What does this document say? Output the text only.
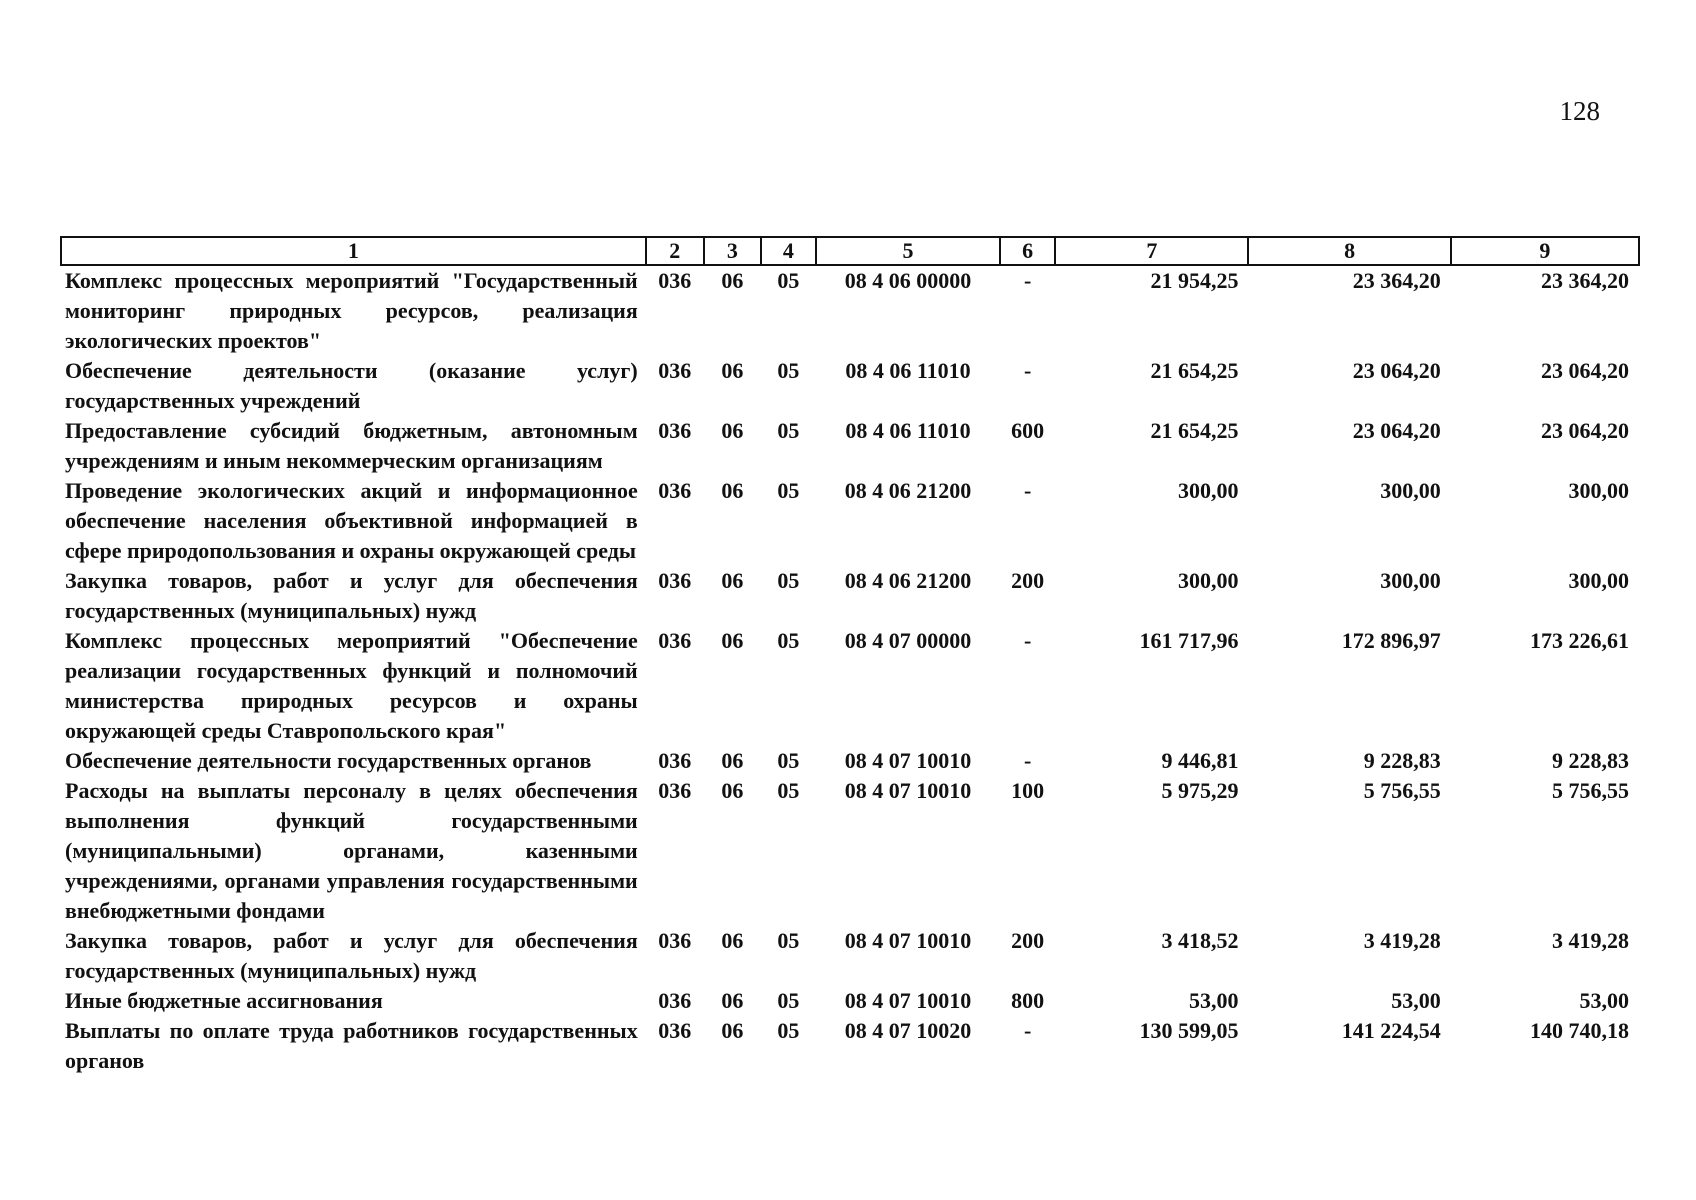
128
1	2	3	4	5	6	7	8	9
Комплекс процессных мероприятий "Государственный мониторинг природных ресурсов, реализация экологических проектов"	036	06	05	08 4 06 00000	-	21 954,25	23 364,20	23 364,20
Обеспечение деятельности (оказание услуг) государственных учреждений	036	06	05	08 4 06 11010	-	21 654,25	23 064,20	23 064,20
Предоставление субсидий бюджетным, автономным учреждениям и иным некоммерческим организациям	036	06	05	08 4 06 11010	600	21 654,25	23 064,20	23 064,20
Проведение экологических акций и информационное обеспечение населения объективной информацией в сфере природопользования и охраны окружающей среды	036	06	05	08 4 06 21200	-	300,00	300,00	300,00
Закупка товаров, работ и услуг для обеспечения государственных (муниципальных) нужд	036	06	05	08 4 06 21200	200	300,00	300,00	300,00
Комплекс процессных мероприятий "Обеспечение реализации государственных функций и полномочий министерства природных ресурсов и охраны окружающей среды Ставропольского края"	036	06	05	08 4 07 00000	-	161 717,96	172 896,97	173 226,61
Обеспечение деятельности государственных органов	036	06	05	08 4 07 10010	-	9 446,81	9 228,83	9 228,83
Расходы на выплаты персоналу в целях обеспечения выполнения функций государственными (муниципальными) органами, казенными учреждениями, органами управления государственными внебюджетными фондами	036	06	05	08 4 07 10010	100	5 975,29	5 756,55	5 756,55
Закупка товаров, работ и услуг для обеспечения государственных (муниципальных) нужд	036	06	05	08 4 07 10010	200	3 418,52	3 419,28	3 419,28
Иные бюджетные ассигнования	036	06	05	08 4 07 10010	800	53,00	53,00	53,00
Выплаты по оплате труда работников государственных органов	036	06	05	08 4 07 10020	-	130 599,05	141 224,54	140 740,18
